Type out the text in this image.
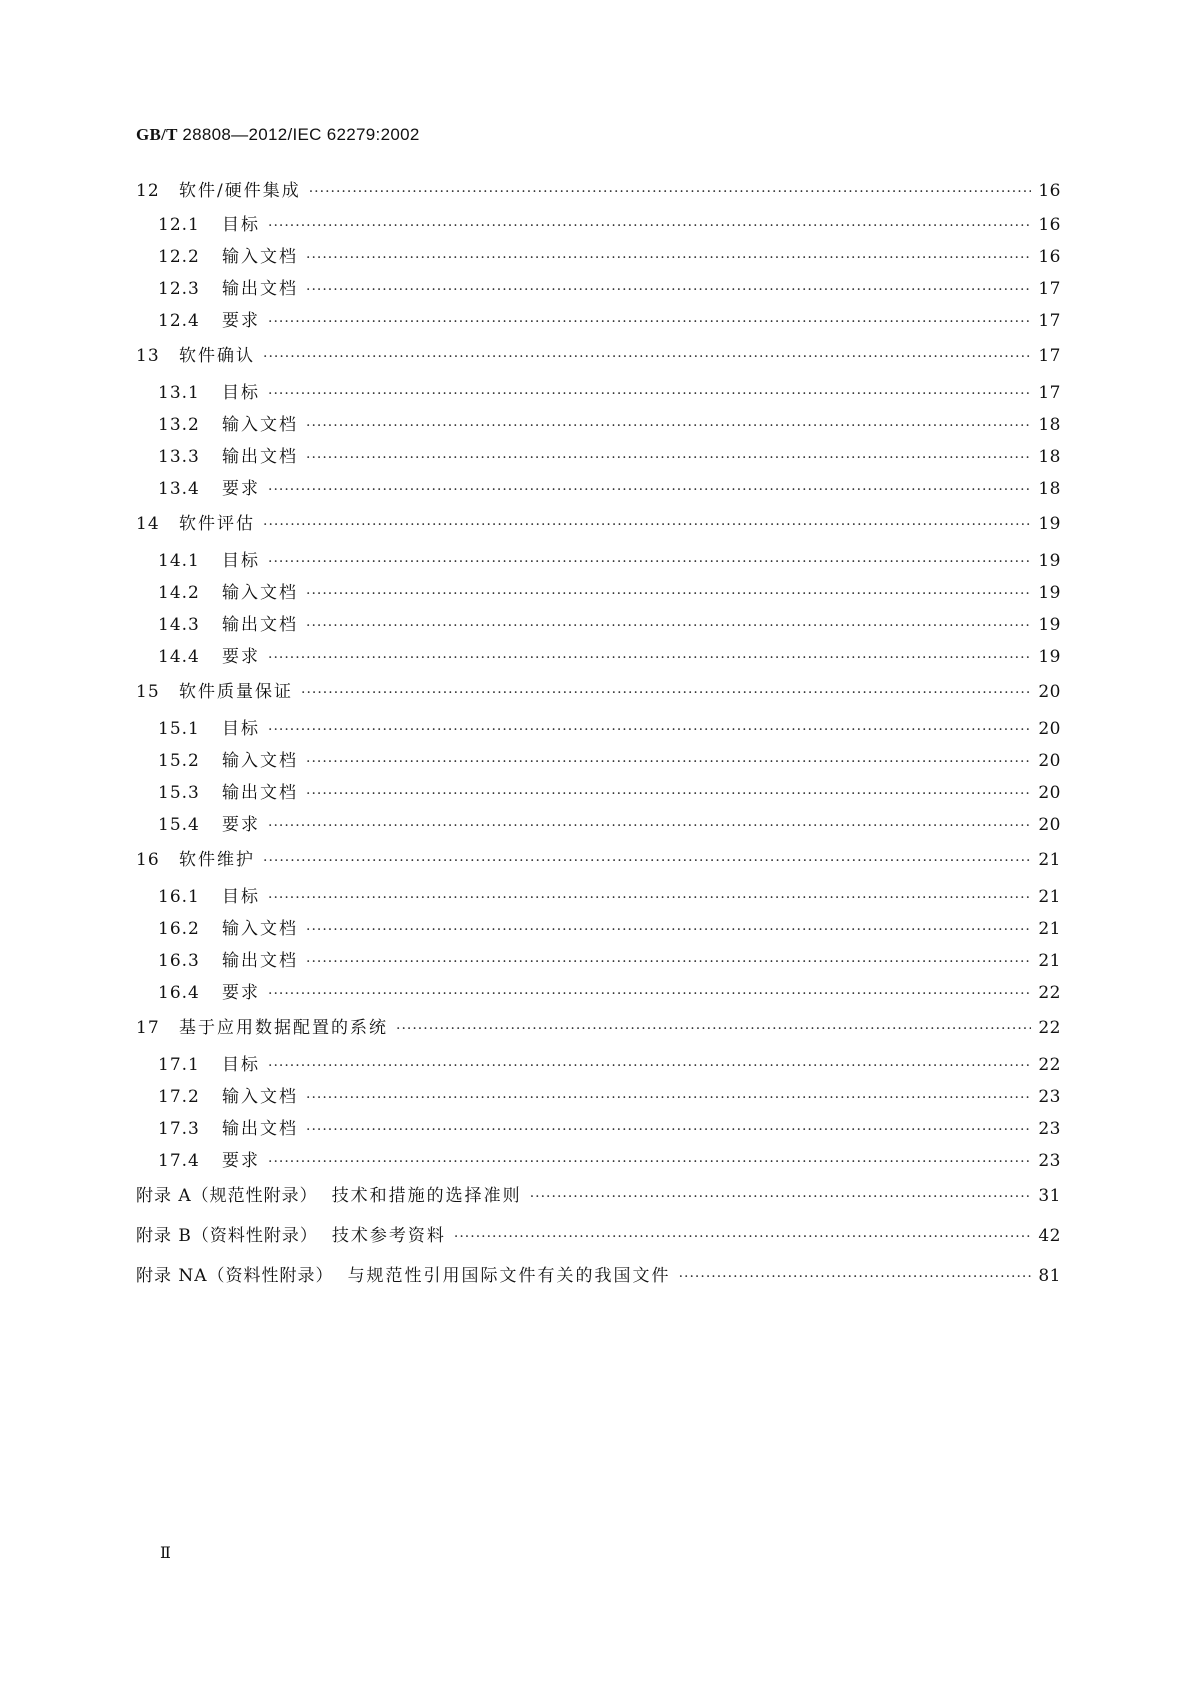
GB/T 28808—2012/IEC 62279:2002
12	软件/硬件集成 ·····	16
12.1	目标 ·····	16
12.2	输入文档 ·····	16
12.3	输出文档 ·····	17
12.4	要求 ·····	17
13	软件确认 ·····	17
13.1	目标 ·····	17
13.2	输入文档 ·····	18
13.3	输出文档 ·····	18
13.4	要求 ·····	18
14	软件评估 ·····	19
14.1	目标 ·····	19
14.2	输入文档 ·····	19
14.3	输出文档 ·····	19
14.4	要求 ·····	19
15	软件质量保证 ·····	20
15.1	目标 ·····	20
15.2	输入文档 ·····	20
15.3	输出文档 ·····	20
15.4	要求 ·····	20
16	软件维护 ·····	21
16.1	目标 ·····	21
16.2	输入文档 ·····	21
16.3	输出文档 ·····	21
16.4	要求 ·····	22
17	基于应用数据配置的系统 ·····	22
17.1	目标 ·····	22
17.2	输入文档 ·····	23
17.3	输出文档 ·····	23
17.4	要求 ·····	23
附录 A（规范性附录） 技术和措施的选择准则 ·····	31
附录 B（资料性附录） 技术参考资料 ·····	42
附录 NA（资料性附录） 与规范性引用国际文件有关的我国文件 ·····	81
Ⅱ
